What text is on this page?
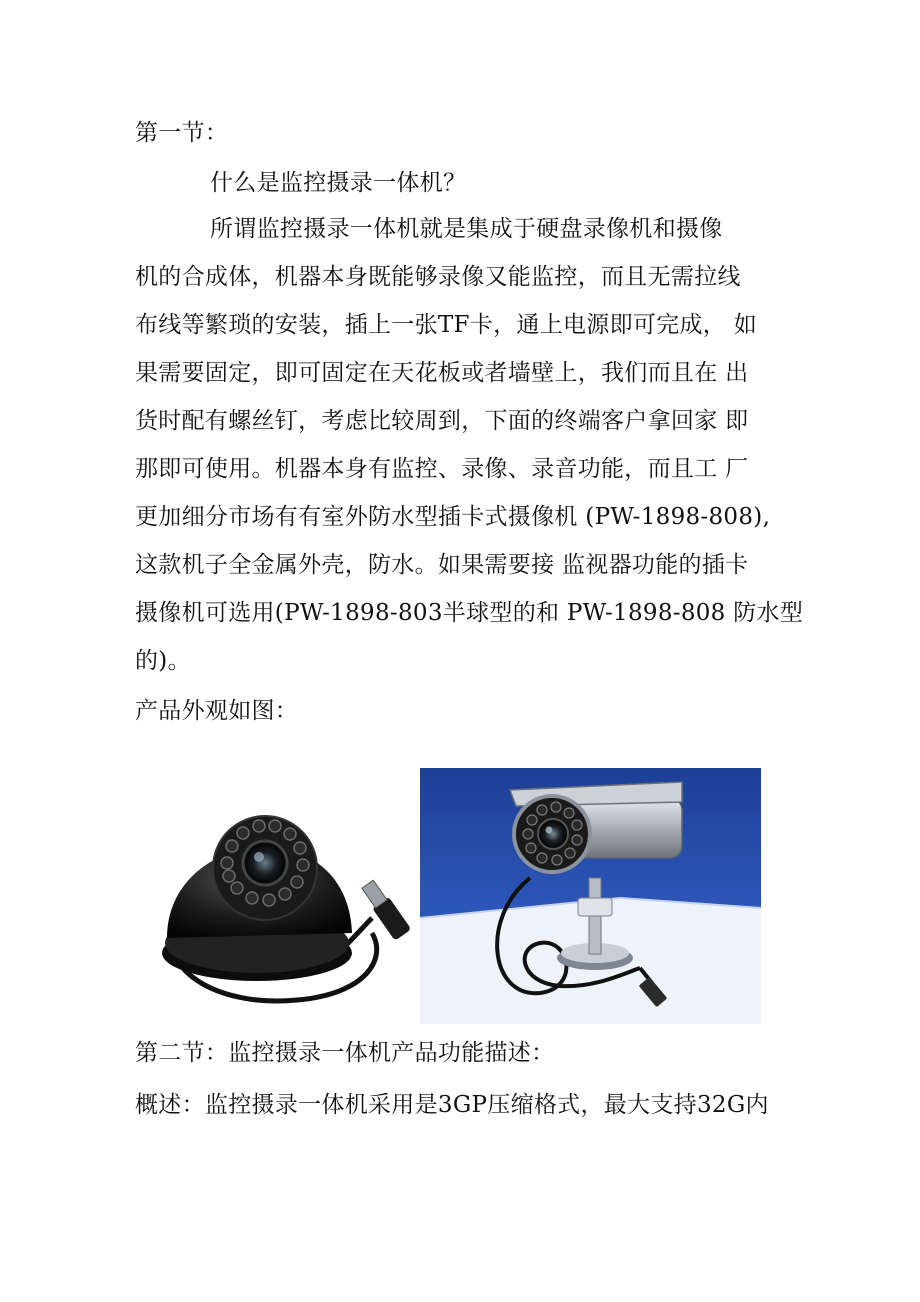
第一节：
什么是监控摄录一体机？
所谓监控摄录一体机就是集成于硬盘录像机和摄像
机的合成体，机器本身既能够录像又能监控，而且无需拉线
布线等繁琐的安装，插上一张TF卡，通上电源即可完成， 如
果需要固定，即可固定在天花板或者墙壁上，我们而且在 出
货时配有螺丝钉，考虑比较周到，下面的终端客户拿回家 即
那即可使用。机器本身有监控、录像、录音功能，而且工 厂
更加细分市场有有室外防水型插卡式摄像机 (PW-1898-808),
这款机子全金属外壳，防水。如果需要接 监视器功能的插卡
摄像机可选用(PW-1898-803半球型的和 PW-1898-808 防水型
的)。
产品外观如图：
第二节：监控摄录一体机产品功能描述：
概述：监控摄录一体机采用是3GP压缩格式，最大支持32G内
